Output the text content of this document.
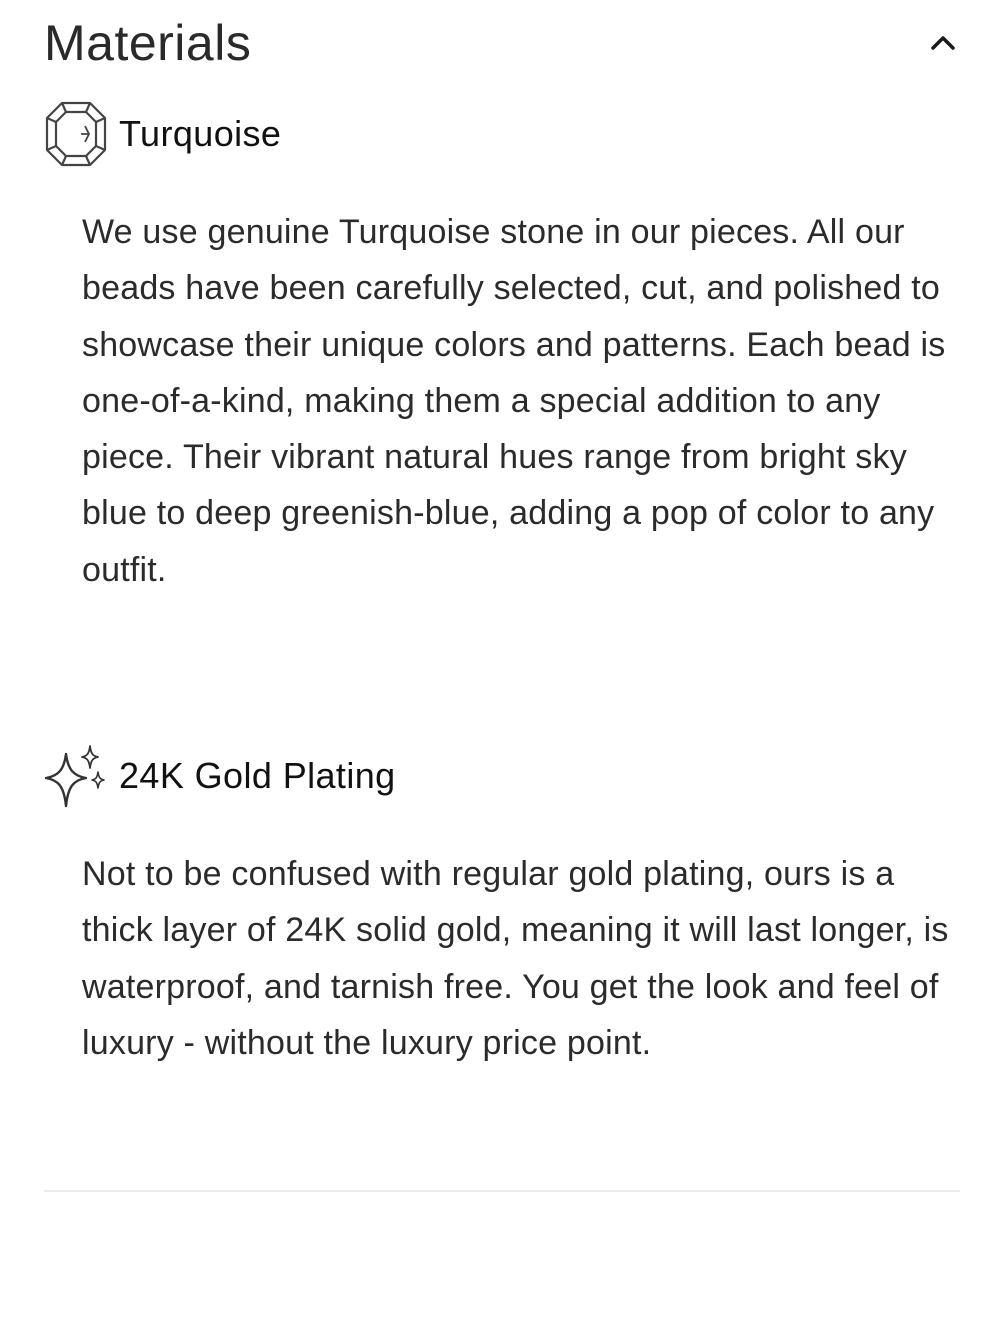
Materials
Turquoise

We use genuine Turquoise stone in our pieces. All our beads have been carefully selected, cut, and polished to showcase their unique colors and patterns. Each bead is one-of-a-kind, making them a special addition to any piece. Their vibrant natural hues range from bright sky blue to deep greenish-blue, adding a pop of color to any outfit.

24K Gold Plating

Not to be confused with regular gold plating, ours is a thick layer of 24K solid gold, meaning it will last longer, is waterproof, and tarnish free. You get the look and feel of luxury - without the luxury price point.
